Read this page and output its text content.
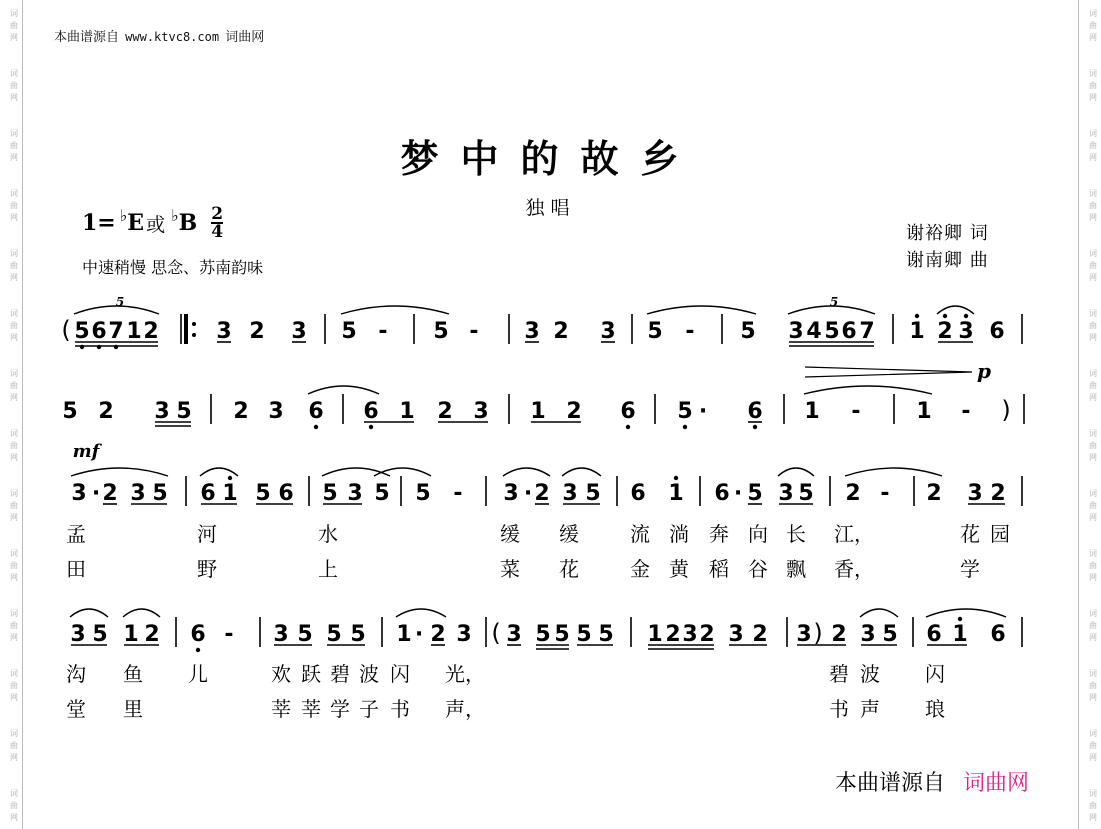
词
曲
网
词
曲
网
词
曲
网
词
曲
网
词
曲
网
词
曲
网
词
曲
网
词
曲
网
词
曲
网
词
曲
网
词
曲
网
词
曲
网
词
曲
网
词
曲
网
词
曲
网
词
曲
网
词
曲
网
词
曲
网
词
曲
网
词
曲
网
词
曲
网
词
曲
网
词
曲
网
词
曲
网
词
曲
网
词
曲
网
词
曲
网
词
曲
网
本曲谱源自 www.ktvc8.com 词曲网
梦中的故乡
独唱
1= ♭ E 或 ♭ B $\frac{2}{4}$
中速稍慢 思念、苏南韵味
谢裕卿 词
谢南卿 曲
( 5 6 7 1 2
5
3 2 3 5 - 5 - 3 2 3 5 - 5 3 4 5 6 7
5
1 2 3 6
5 2 3 5 2 3 6 6 1 2 3 1 2 6 5 · 6 1 -	1 - )
p
mf
3 · 2 3 5 6 1 5 6 5 3 5 5 - 3 · 2 3 5 6 1 6 · 5 3 5 2 - 2 3 2
3 5 1 2 6 - 3 5 5 5 1 · 2 3 ( 3 5 5 5 5 1 2 3 2 3 2 3 ) 2 3 5 6 1 6
孟	河	水	缓 缓	流 淌 奔 向 长 江，	花 园
田	野	上	菜 花	金 黄 稻 谷 飘 香，	学
沟 鱼 儿	欢 跃 碧 波 闪 光，	碧 波 闪
堂 里	莘 莘 学 子 书 声，	书 声 琅
本曲谱源自 词曲网
